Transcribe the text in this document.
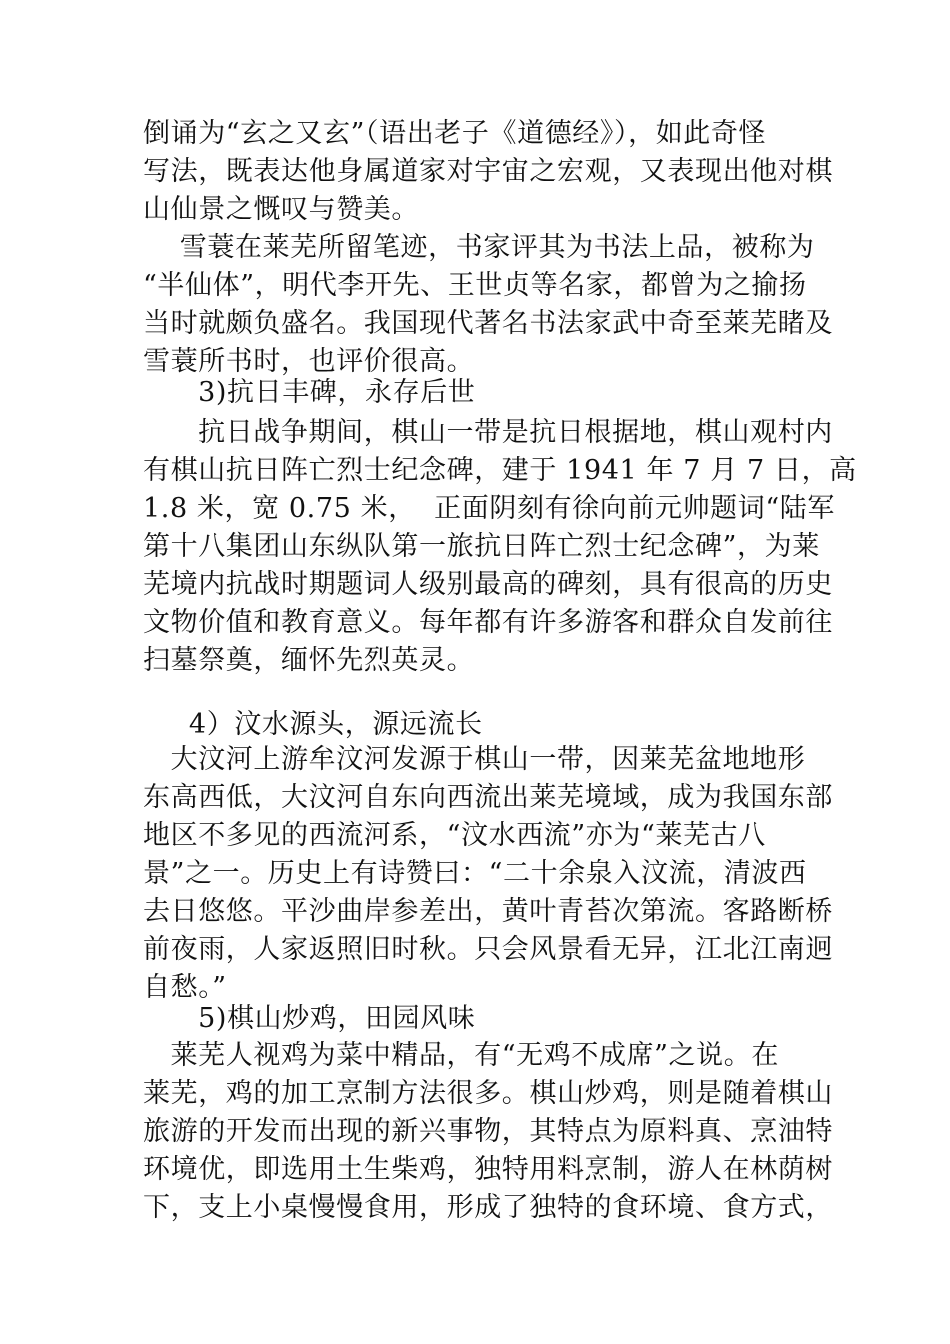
倒诵为“玄之又玄”（语出老子《道德经》），如此奇怪
写法，既表达他身属道家对宇宙之宏观，又表现出他对棋
山仙景之慨叹与赞美。
雪蓑在莱芜所留笔迹，书家评其为书法上品，被称为
“半仙体”，明代李开先、王世贞等名家，都曾为之揄扬
当时就颇负盛名。我国现代著名书法家武中奇至莱芜睹及
雪蓑所书时，也评价很高。
3)抗日丰碑，永存后世
抗日战争期间，棋山一带是抗日根据地，棋山观村内
有棋山抗日阵亡烈士纪念碑，建于 1941 年 7 月 7 日，高
1.8 米，宽 0.75 米，  正面阴刻有徐向前元帅题词“陆军
第十八集团山东纵队第一旅抗日阵亡烈士纪念碑”，为莱
芜境内抗战时期题词人级别最高的碑刻，具有很高的历史
文物价值和教育意义。每年都有许多游客和群众自发前往
扫墓祭奠，缅怀先烈英灵。
4）汶水源头，源远流长
大汶河上游牟汶河发源于棋山一带，因莱芜盆地地形
东高西低，大汶河自东向西流出莱芜境域，成为我国东部
地区不多见的西流河系，“汶水西流”亦为“莱芜古八
景”之一。历史上有诗赞曰：“二十余泉入汶流，清波西
去日悠悠。平沙曲岸参差出，黄叶青苔次第流。客路断桥
前夜雨，人家返照旧时秋。只会风景看无异，江北江南迥
自愁。”
5)棋山炒鸡，田园风味
莱芜人视鸡为菜中精品，有“无鸡不成席”之说。在
莱芜，鸡的加工烹制方法很多。棋山炒鸡，则是随着棋山
旅游的开发而出现的新兴事物，其特点为原料真、烹油特
环境优，即选用土生柴鸡，独特用料烹制，游人在林荫树
下，支上小桌慢慢食用，形成了独特的食环境、食方式，
